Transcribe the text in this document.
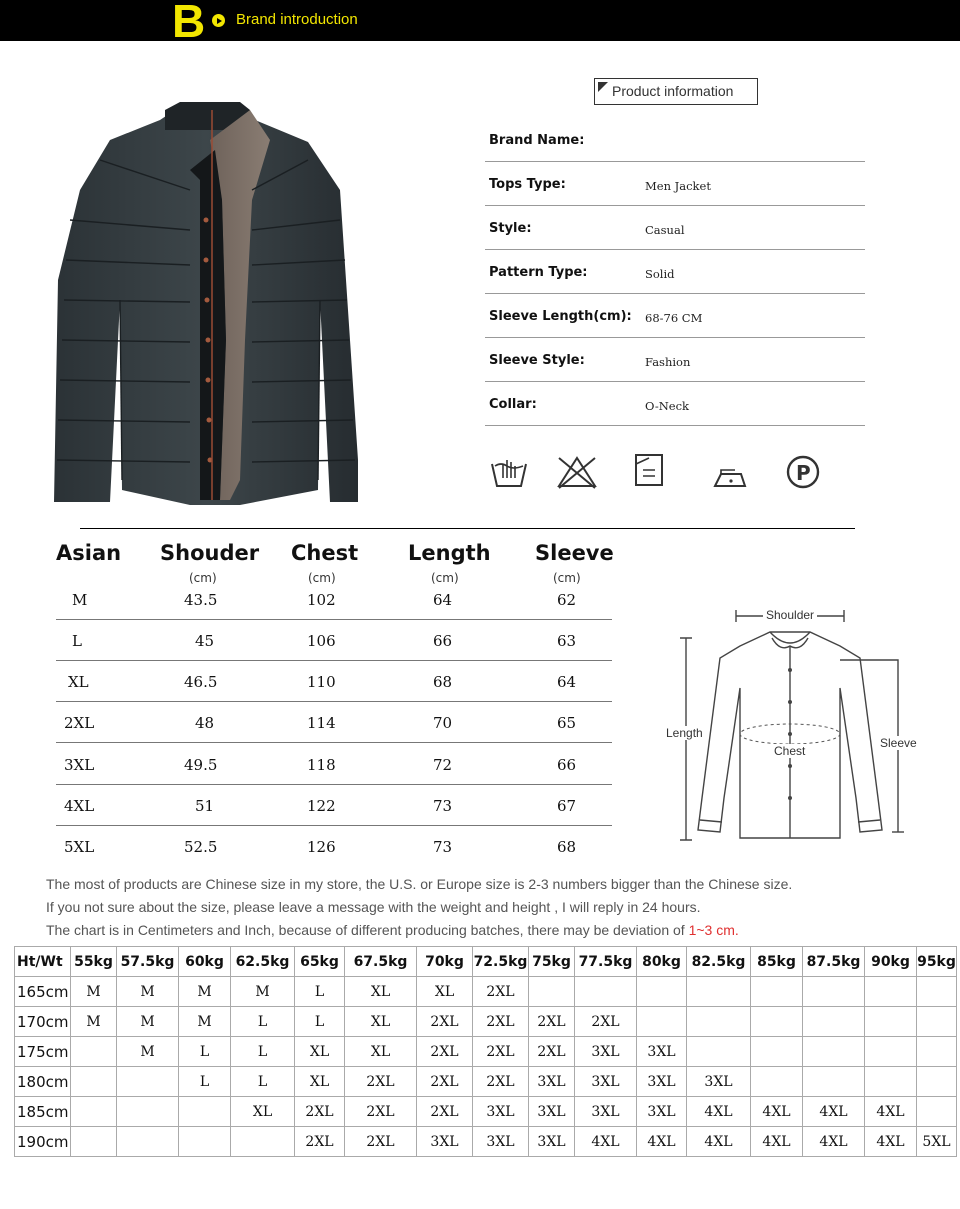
B Brand introduction
Product information
Brand Name:
Tops Type:	Men Jacket
Style:	Casual
Pattern Type:	Solid
Sleeve Length(cm): 68-76 CM
Sleeve Style:	Fashion
Collar:	O-Neck
P
Asian Shouder Chest Length Sleeve
(cm)	(cm)	(cm)	(cm)
M	43.5	102	64	62
L	45	106	66	63
XL	46.5	110	68	64
2XL	48	114	70	65
3XL	49.5	118	72	66
4XL	51	122	73	67
5XL	52.5	126	73	68
Shoulder
Chest
Length
Sleeve
The most of products are Chinese size in my store, the U.S. or Europe size is 2-3 numbers bigger than the Chinese size.
If you not sure about the size, please leave a message with the weight and height , I will reply in 24 hours.
The chart is in Centimeters and Inch, because of different producing batches, there may be deviation of 1~3 cm.
Ht/Wt	55kg	57.5kg	60kg	62.5kg	65kg	67.5kg	70kg	72.5kg	75kg	77.5kg	80kg	82.5kg	85kg	87.5kg	90kg	95kg
165cm	M	M	M	M	L	XL	XL	2XL								
170cm	M	M	M	L	L	XL	2XL	2XL	2XL	2XL						
175cm		M	L	L	XL	XL	2XL	2XL	2XL	3XL	3XL					
180cm			L	L	XL	2XL	2XL	2XL	3XL	3XL	3XL	3XL				
185cm				XL	2XL	2XL	2XL	3XL	3XL	3XL	3XL	4XL	4XL	4XL	4XL	
190cm					2XL	2XL	3XL	3XL	3XL	4XL	4XL	4XL	4XL	4XL	4XL	5XL
